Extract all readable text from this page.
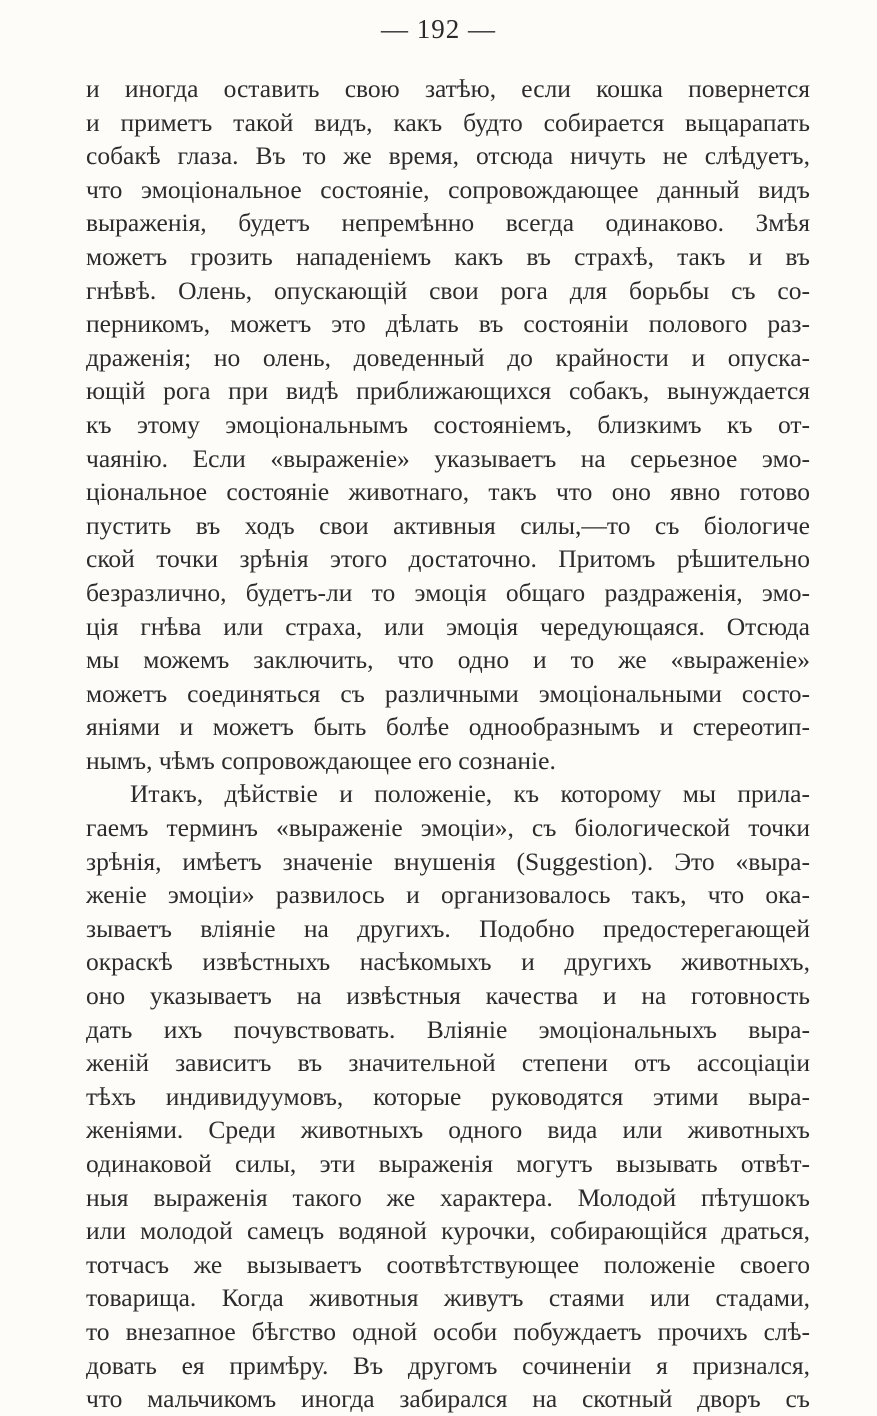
— 192 —
и иногда оставить свою затѣю, если кошка повернется
и приметъ такой видъ, какъ будто собирается выцарапать
собакѣ глаза. Въ то же время, отсюда ничуть не слѣдуетъ,
что эмоціональное состояніе, сопровождающее данный видъ
выраженія, будетъ непремѣнно всегда одинаково. Змѣя
можетъ грозить нападеніемъ какъ въ страхѣ, такъ и въ
гнѣвѣ. Олень, опускающій свои рога для борьбы съ со-
перникомъ, можетъ это дѣлать въ состояніи полового раз-
драженія; но олень, доведенный до крайности и опуска-
ющій рога при видѣ приближающихся собакъ, вынуждается
къ этому эмоціональнымъ состояніемъ, близкимъ къ от-
чаянію. Если «выраженіе» указываетъ на серьезное эмо-
ціональное состояніе животнаго, такъ что оно явно готово
пустить въ ходъ свои активныя силы,—то съ біологиче
ской точки зрѣнія этого достаточно. Притомъ рѣшительно
безразлично, будетъ-ли то эмоція общаго раздраженія, эмо-
ція гнѣва или страха, или эмоція чередующаяся. Отсюда
мы можемъ заключить, что одно и то же «выраженіе»
можетъ соединяться съ различными эмоціональными состо-
яніями и можетъ быть болѣе однообразнымъ и стереотип-
нымъ, чѣмъ сопровождающее его сознаніе.
Итакъ, дѣйствіе и положеніе, къ которому мы прила-
гаемъ терминъ «выраженіе эмоціи», съ біологической точки
зрѣнія, имѣетъ значеніе внушенія (Suggestion). Это «выра-
женіе эмоціи» развилось и организовалось такъ, что ока-
зываетъ вліяніе на другихъ. Подобно предостерегающей
окраскѣ извѣстныхъ насѣкомыхъ и другихъ животныхъ,
оно указываетъ на извѣстныя качества и на готовность
дать ихъ почувствовать. Вліяніе эмоціональныхъ выра-
женій зависитъ въ значительной степени отъ ассоціаціи
тѣхъ индивидуумовъ, которые руководятся этими выра-
женіями. Среди животныхъ одного вида или животныхъ
одинаковой силы, эти выраженія могутъ вызывать отвѣт-
ныя выраженія такого же характера. Молодой пѣтушокъ
или молодой самецъ водяной курочки, собирающійся драться,
тотчасъ же вызываетъ соотвѣтствующее положеніе своего
товарища. Когда животныя живутъ стаями или стадами,
то внезапное бѣгство одной особи побуждаетъ прочихъ слѣ-
довать ея примѣру. Въ другомъ сочиненіи я признался,
что мальчикомъ иногда забирался на скотный дворъ съ
